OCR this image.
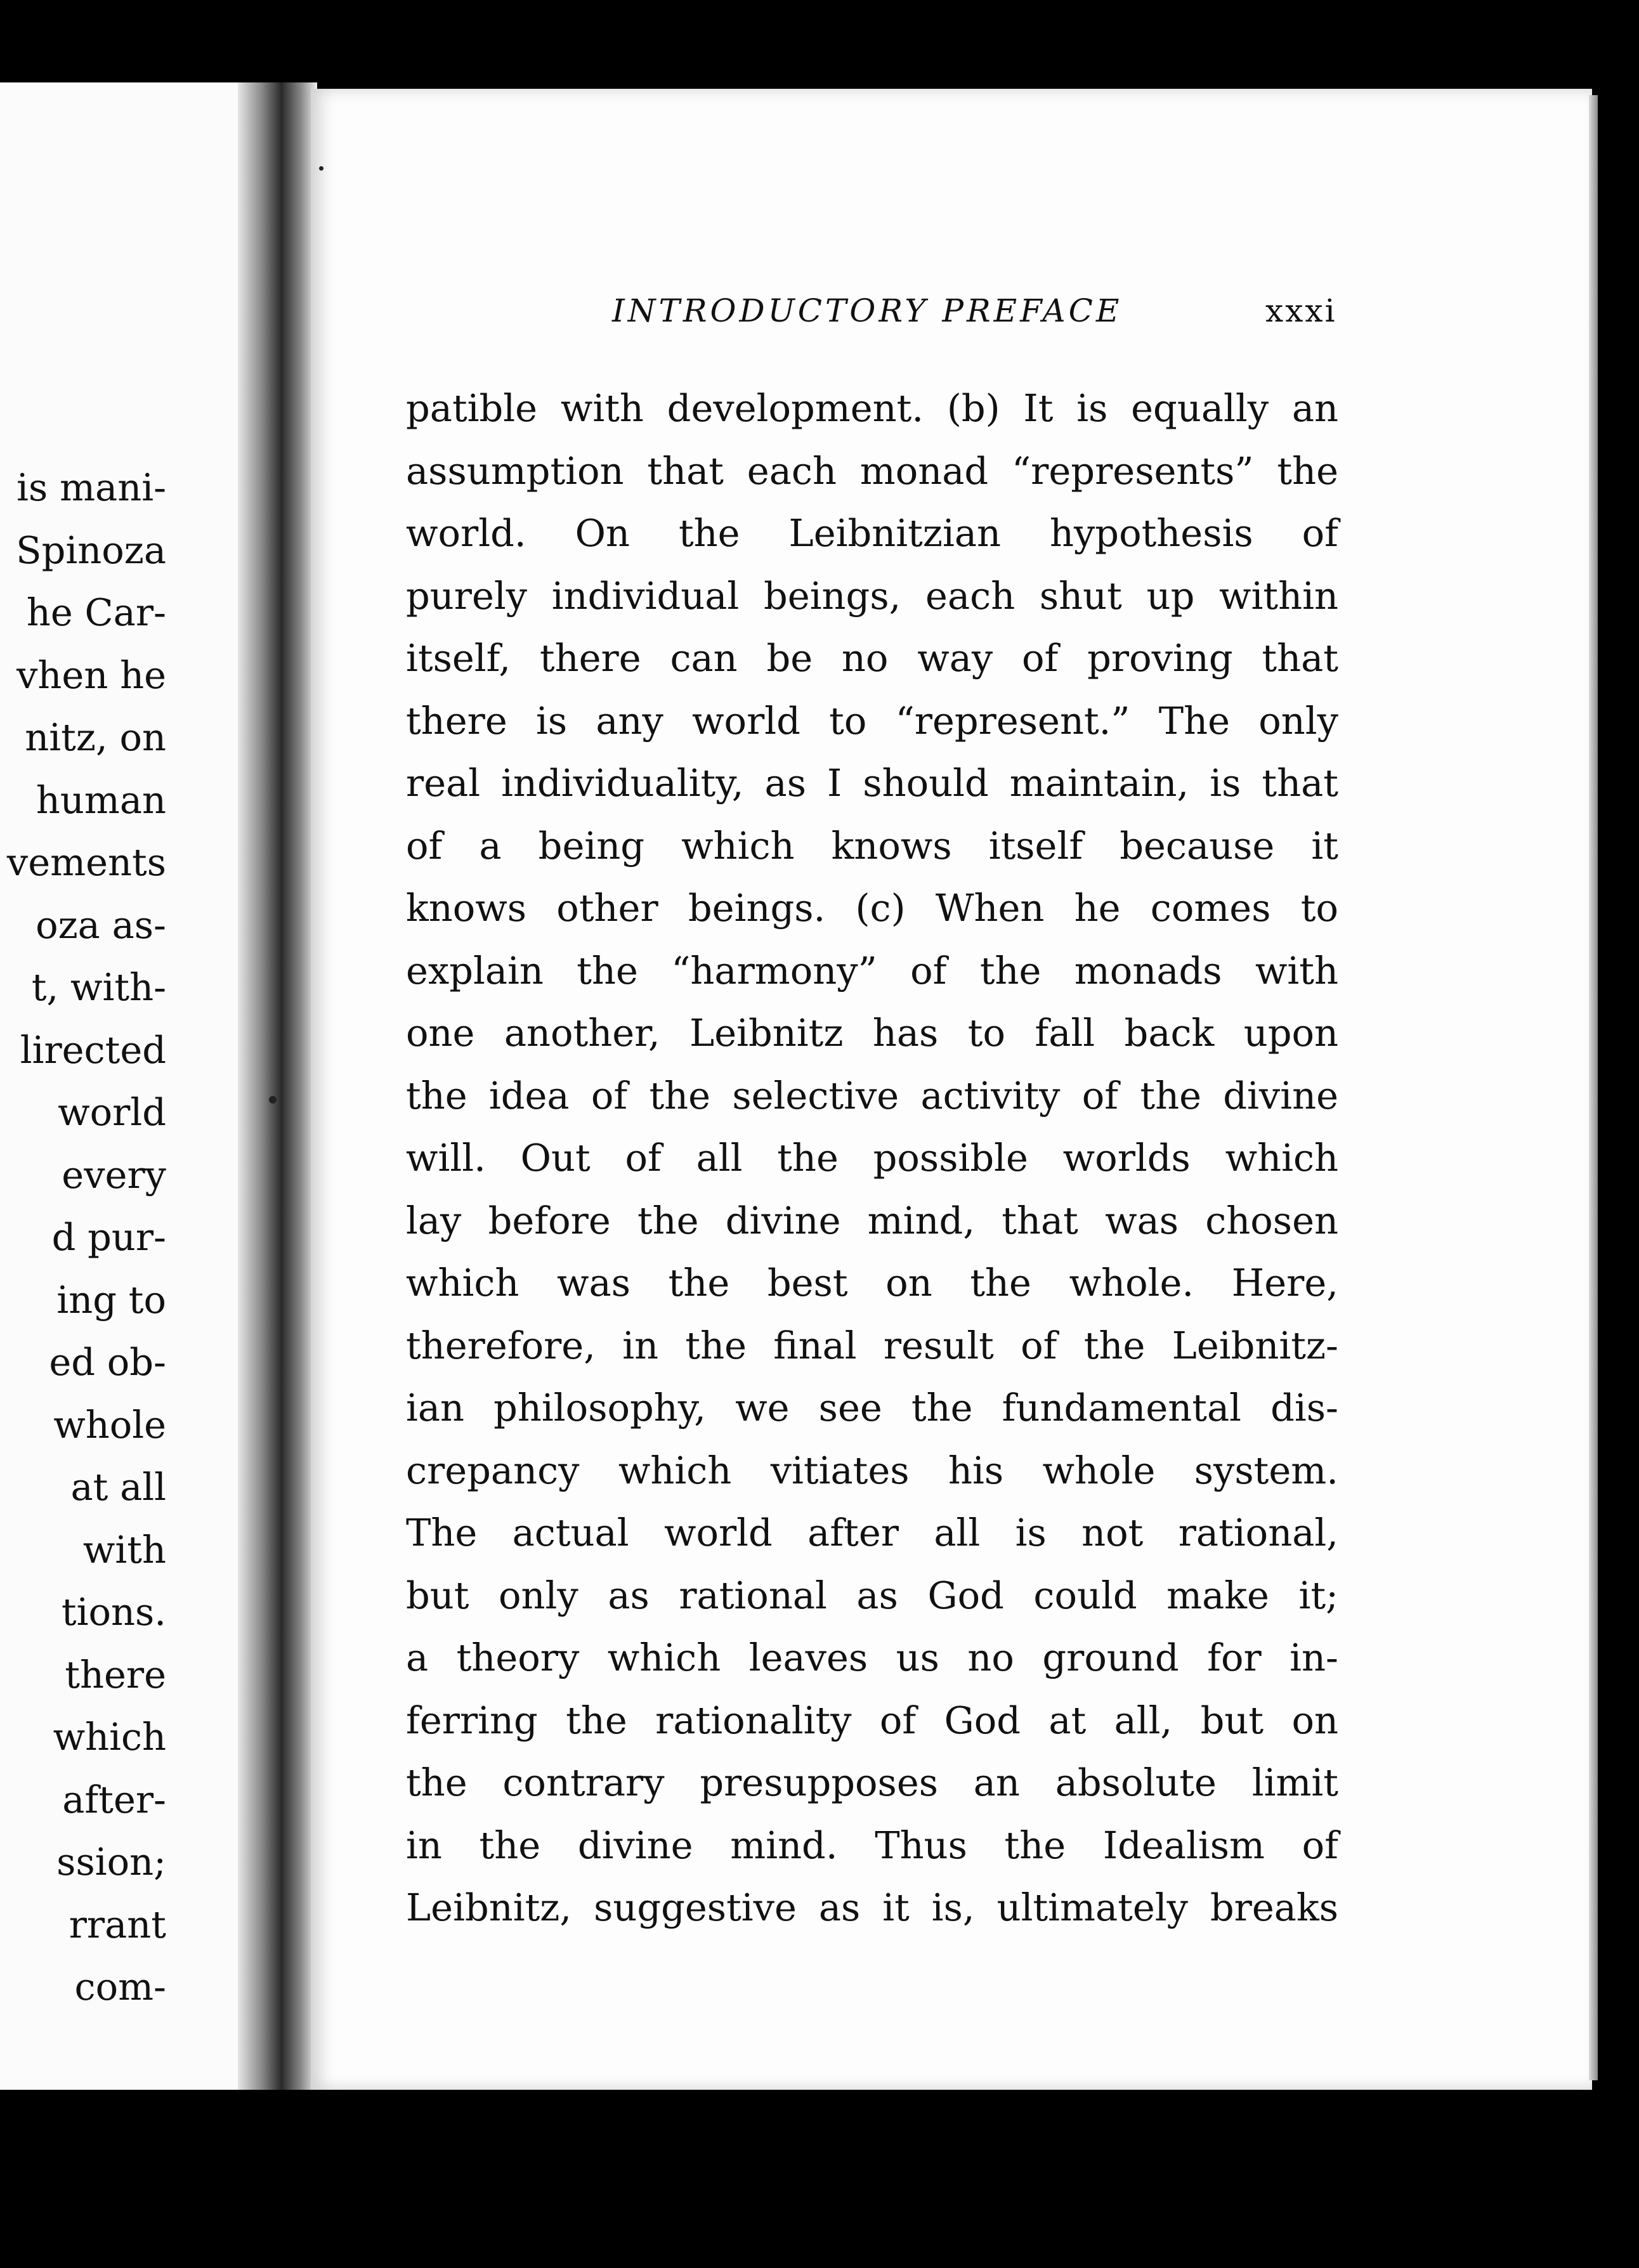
is mani-
Spinoza
he Car-
vhen he
nitz, on
human
vements
oza as-
t, with-
lirected
world
every
d pur-
ing to
ed ob-
whole
at all
with
tions.
there
which
after-
ssion;
rrant
com-
INTRODUCTORY PREFACE	xxxi
patible with development. (b) It is equally an
assumption that each monad “represents” the
world. On the Leibnitzian hypothesis of
purely individual beings, each shut up within
itself, there can be no way of proving that
there is any world to “represent.” The only
real individuality, as I should maintain, is that
of a being which knows itself because it
knows other beings. (c) When he comes to
explain the “harmony” of the monads with
one another, Leibnitz has to fall back upon
the idea of the selective activity of the divine
will. Out of all the possible worlds which
lay before the divine mind, that was chosen
which was the best on the whole. Here,
therefore, in the final result of the Leibnitz-
ian philosophy, we see the fundamental dis-
crepancy which vitiates his whole system.
The actual world after all is not rational,
but only as rational as God could make it;
a theory which leaves us no ground for in-
ferring the rationality of God at all, but on
the contrary presupposes an absolute limit
in the divine mind. Thus the Idealism of
Leibnitz, suggestive as it is, ultimately breaks
